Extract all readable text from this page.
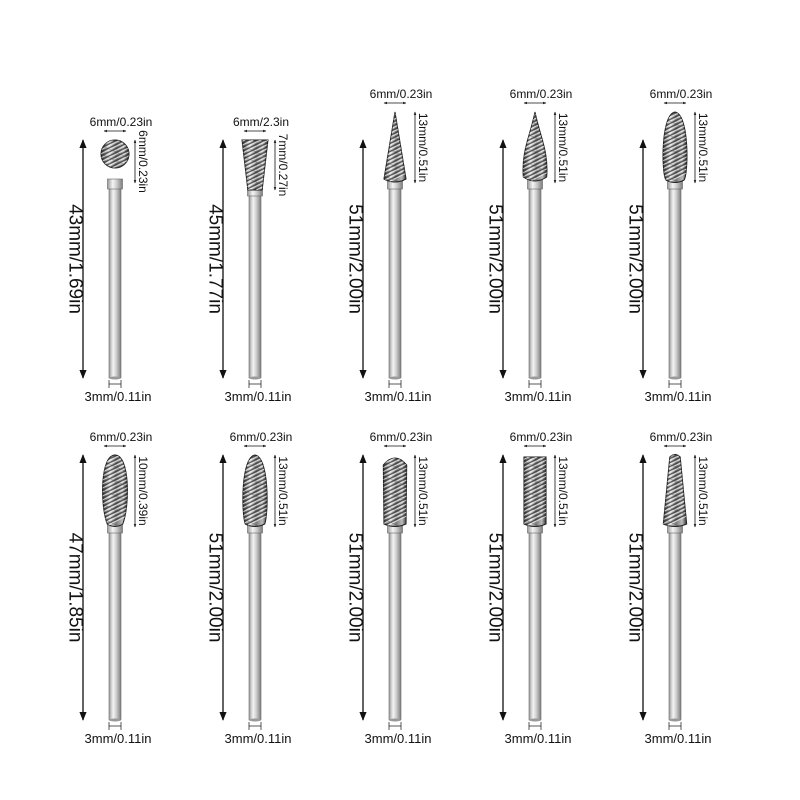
43mm/1.69in
6mm/0.23in
6mm/0.23in
3mm/0.11in
45mm/1.77in
6mm/2.3in
7mm/0.27in
3mm/0.11in
51mm/2.00in
6mm/0.23in
13mm/0.51in
3mm/0.11in
51mm/2.00in
6mm/0.23in
13mm/0.51in
3mm/0.11in
51mm/2.00in
6mm/0.23in
13mm/0.51in
3mm/0.11in
47mm/1.85in
6mm/0.23in
10mm/0.39in
3mm/0.11in
51mm/2.00in
6mm/0.23in
13mm/0.51in
3mm/0.11in
51mm/2.00in
6mm/0.23in
13mm/0.51in
3mm/0.11in
51mm/2.00in
6mm/0.23in
13mm/0.51in
3mm/0.11in
51mm/2.00in
6mm/0.23in
13mm/0.51in
3mm/0.11in
